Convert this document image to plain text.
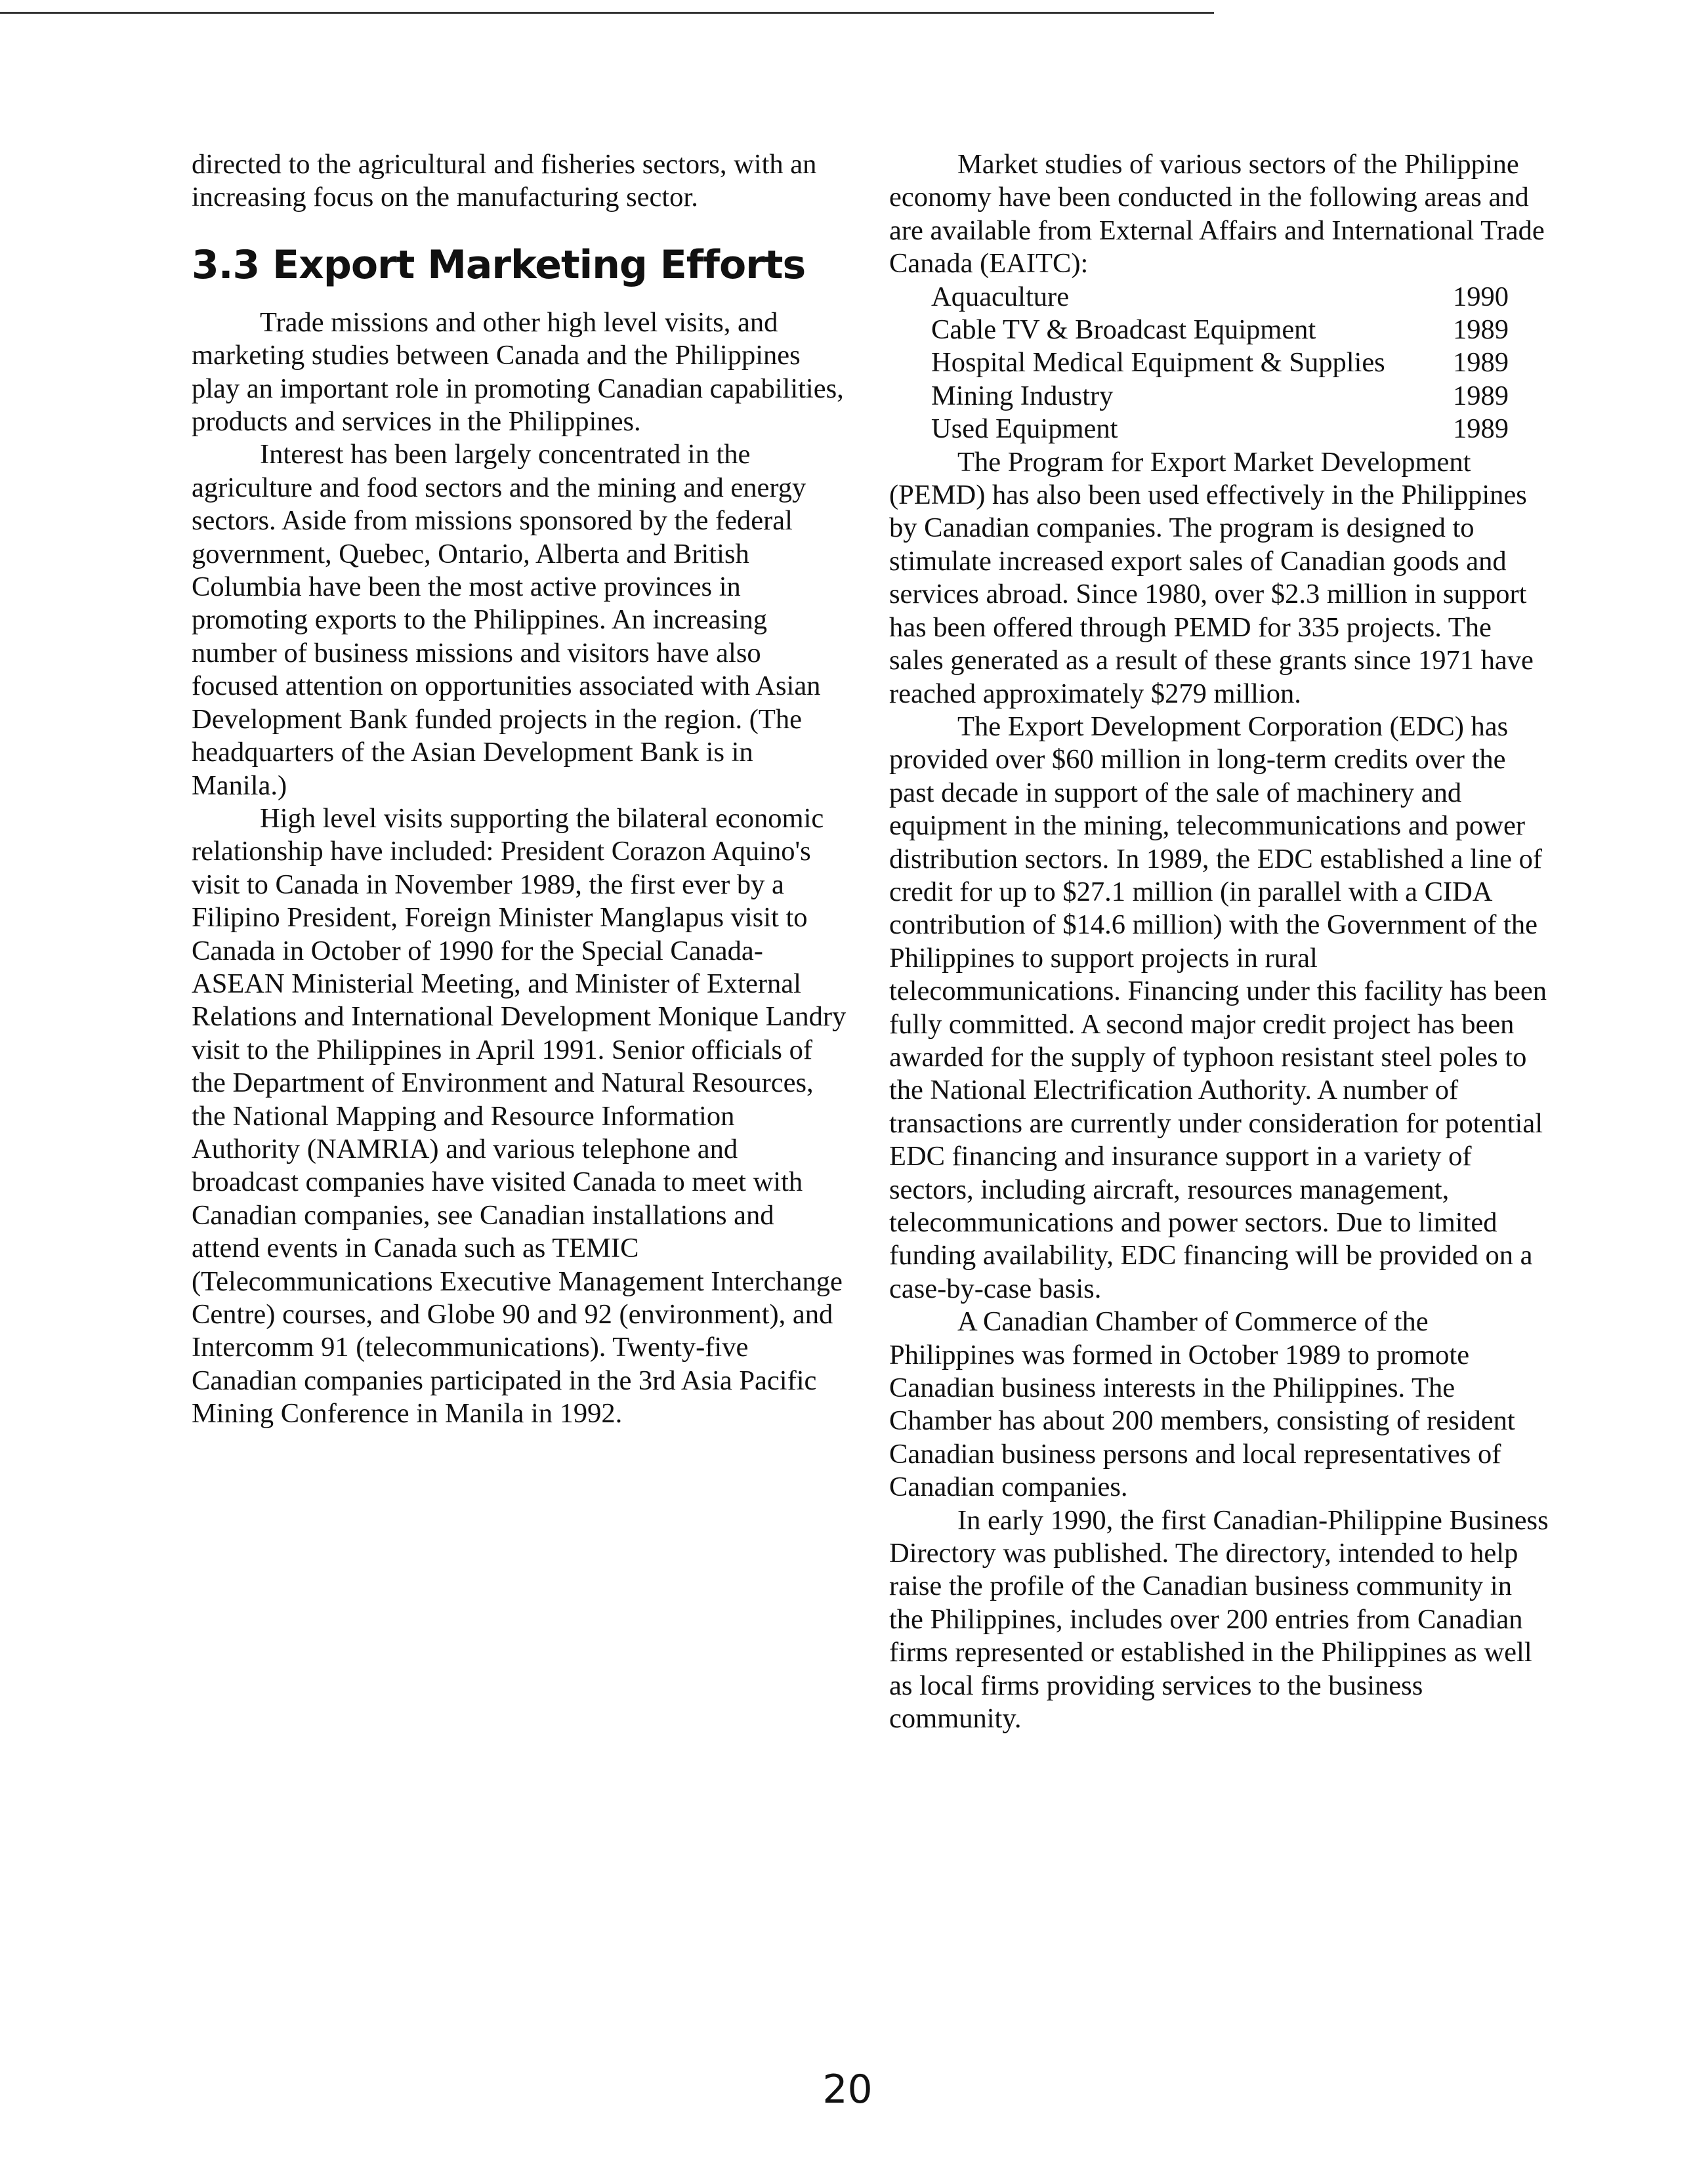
directed to the agricultural and fisheries sectors, with an increasing focus on the manufacturing sector.

3.3 Export Marketing Efforts

Trade missions and other high level visits, and marketing studies between Canada and the Philippines play an important role in promoting Canadian capabilities, products and services in the Philippines.

Interest has been largely concentrated in the agriculture and food sectors and the mining and energy sectors. Aside from missions sponsored by the federal government, Quebec, Ontario, Alberta and British Columbia have been the most active provinces in promoting exports to the Philippines. An increasing number of business missions and visitors have also focused attention on opportunities associated with Asian Development Bank funded projects in the region. (The headquarters of the Asian Development Bank is in Manila.)

High level visits supporting the bilateral economic relationship have included: President Corazon Aquino's visit to Canada in November 1989, the first ever by a Filipino President, Foreign Minister Manglapus visit to Canada in October of 1990 for the Special Canada-ASEAN Ministerial Meeting, and Minister of External Relations and International Development Monique Landry visit to the Philippines in April 1991. Senior officials of the Department of Environment and Natural Resources, the National Mapping and Resource Information Authority (NAMRIA) and various telephone and broadcast companies have visited Canada to meet with Canadian companies, see Canadian installations and attend events in Canada such as TEMIC (Telecommunications Executive Management Interchange Centre) courses, and Globe 90 and 92 (environment), and Intercomm 91 (telecommunications). Twenty-five Canadian companies participated in the 3rd Asia Pacific Mining Conference in Manila in 1992.

Market studies of various sectors of the Philippine economy have been conducted in the following areas and are available from External Affairs and International Trade Canada (EAITC):

Aquaculture	1990
Cable TV & Broadcast Equipment	1989
Hospital Medical Equipment & Supplies 1989
Mining Industry	1989
Used Equipment	1989

The Program for Export Market Development (PEMD) has also been used effectively in the Philippines by Canadian companies. The program is designed to stimulate increased export sales of Canadian goods and services abroad. Since 1980, over $2.3 million in support has been offered through PEMD for 335 projects. The sales generated as a result of these grants since 1971 have reached approximately $279 million.

The Export Development Corporation (EDC) has provided over $60 million in long-term credits over the past decade in support of the sale of machinery and equipment in the mining, telecommunications and power distribution sectors. In 1989, the EDC established a line of credit for up to $27.1 million (in parallel with a CIDA contribution of $14.6 million) with the Government of the Philippines to support projects in rural telecommunications. Financing under this facility has been fully committed. A second major credit project has been awarded for the supply of typhoon resistant steel poles to the National Electrification Authority. A number of transactions are currently under consideration for potential EDC financing and insurance support in a variety of sectors, including aircraft, resources management, telecommunications and power sectors. Due to limited funding availability, EDC financing will be provided on a case-by-case basis.

A Canadian Chamber of Commerce of the Philippines was formed in October 1989 to promote Canadian business interests in the Philippines. The Chamber has about 200 members, consisting of resident Canadian business persons and local representatives of Canadian companies.

In early 1990, the first Canadian-Philippine Business Directory was published. The directory, intended to help raise the profile of the Canadian business community in the Philippines, includes over 200 entries from Canadian firms represented or established in the Philippines as well as local firms providing services to the business community.

20
